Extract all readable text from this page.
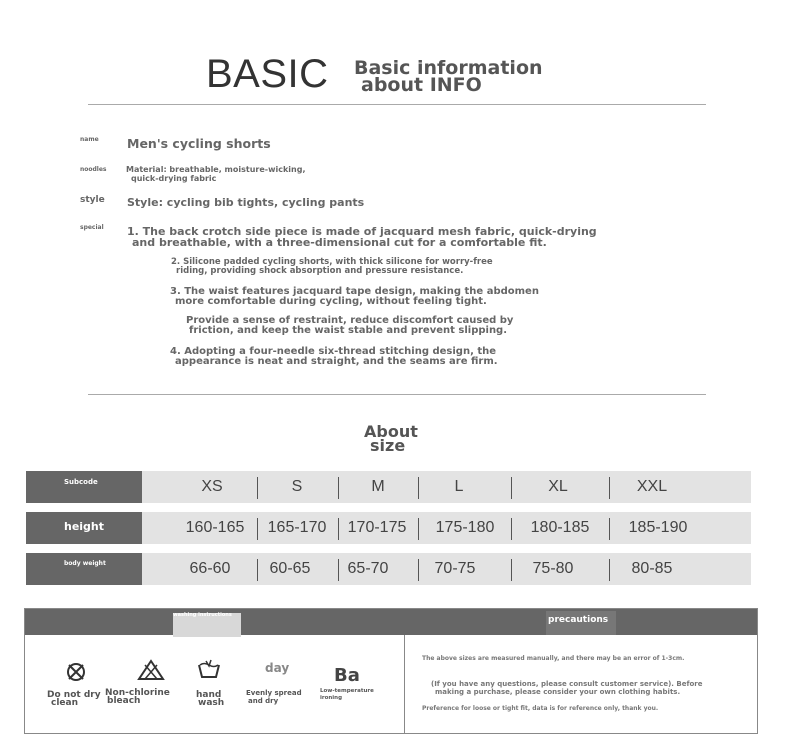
BASIC Basic information
about INFO
name Men's cycling shorts
noodles Material: breathable, moisture-wicking,
quick-drying fabric
style Style: cycling bib tights, cycling pants
special 1. The back crotch side piece is made of jacquard mesh fabric, quick-drying
and breathable, with a three-dimensional cut for a comfortable fit.
2. Silicone padded cycling shorts, with thick silicone for worry-free
riding, providing shock absorption and pressure resistance.
3. The waist features jacquard tape design, making the abdomen
more comfortable during cycling, without feeling tight.
Provide a sense of restraint, reduce discomfort caused by
friction, and keep the waist stable and prevent slipping.
4. Adopting a four-needle six-thread stitching design, the
appearance is neat and straight, and the seams are firm.
About
size
Subcode	XS	S	M	L	XL	XXL
height	160-165	165-170	170-175	175-180	180-185	185-190
body weight	66-60	60-65	65-70	70-75	75-80	80-85
washing instructions	precautions
Do not dry
clean
Non-chlorine
bleach
hand
wash
day
Evenly spread
and dry
Ba
Low-temperature
ironing
The above sizes are measured manually, and there may be an error of 1-3cm.
(If you have any questions, please consult customer service). Before
making a purchase, please consider your own clothing habits.
Preference for loose or tight fit, data is for reference only, thank you.
